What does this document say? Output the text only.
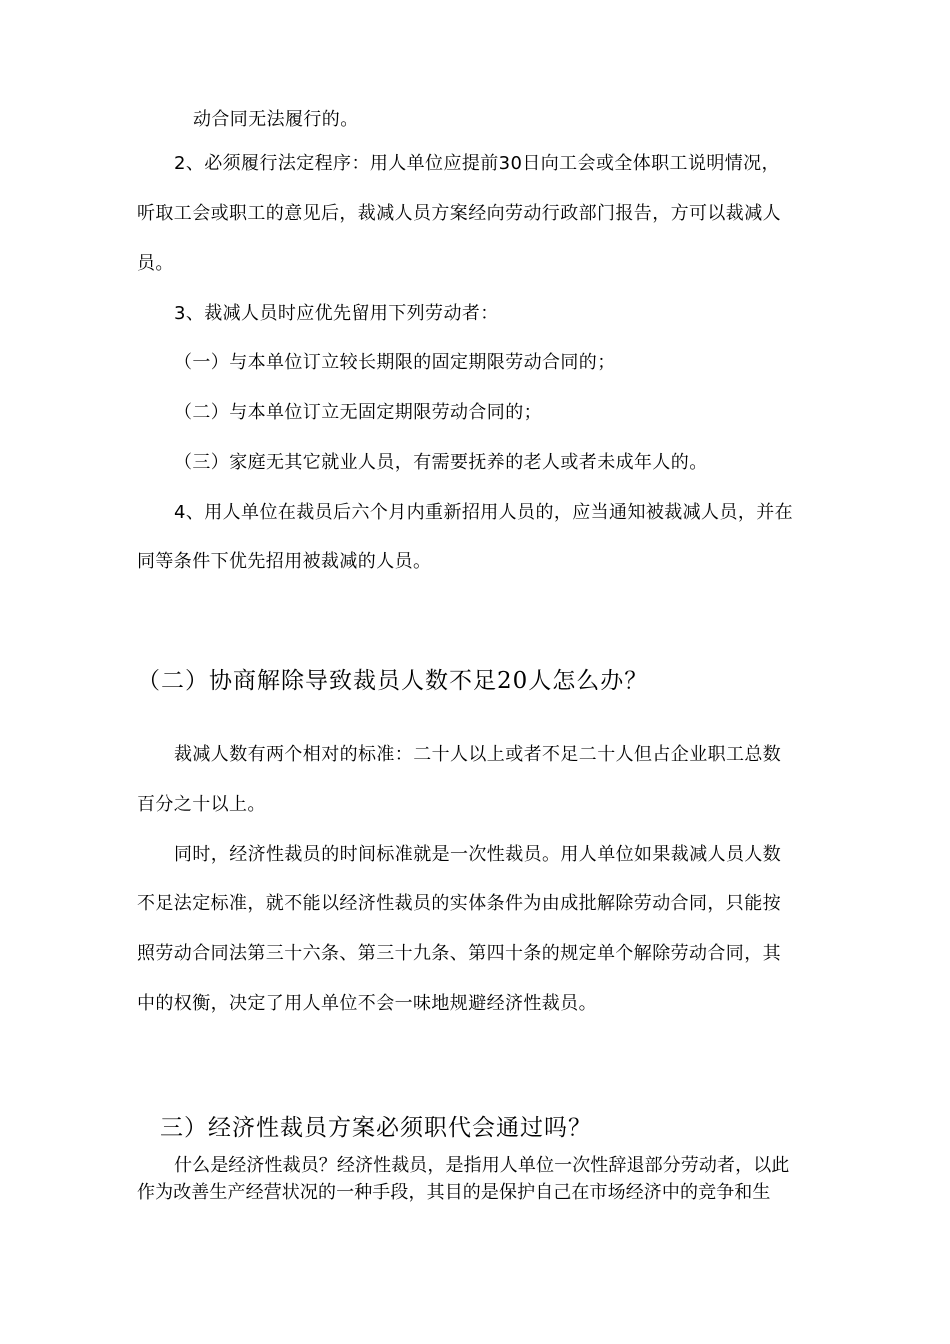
动合同无法履行的。
2、必须履行法定程序：用人单位应提前30日向工会或全体职工说明情况，
听取工会或职工的意见后，裁减人员方案经向劳动行政部门报告，方可以裁减人
员。
3、裁减人员时应优先留用下列劳动者：
（一）与本单位订立较长期限的固定期限劳动合同的；
（二）与本单位订立无固定期限劳动合同的；
（三）家庭无其它就业人员，有需要抚养的老人或者未成年人的。
4、用人单位在裁员后六个月内重新招用人员的，应当通知被裁减人员，并在
同等条件下优先招用被裁减的人员。
（二）协商解除导致裁员人数不足20人怎么办？
裁减人数有两个相对的标准：二十人以上或者不足二十人但占企业职工总数
百分之十以上。
同时，经济性裁员的时间标准就是一次性裁员。用人单位如果裁减人员人数
不足法定标准，就不能以经济性裁员的实体条件为由成批解除劳动合同，只能按
照劳动合同法第三十六条、第三十九条、第四十条的规定单个解除劳动合同，其
中的权衡，决定了用人单位不会一味地规避经济性裁员。
三）经济性裁员方案必须职代会通过吗？
什么是经济性裁员？经济性裁员，是指用人单位一次性辞退部分劳动者，以此
作为改善生产经营状况的一种手段，其目的是保护自己在市场经济中的竞争和生
